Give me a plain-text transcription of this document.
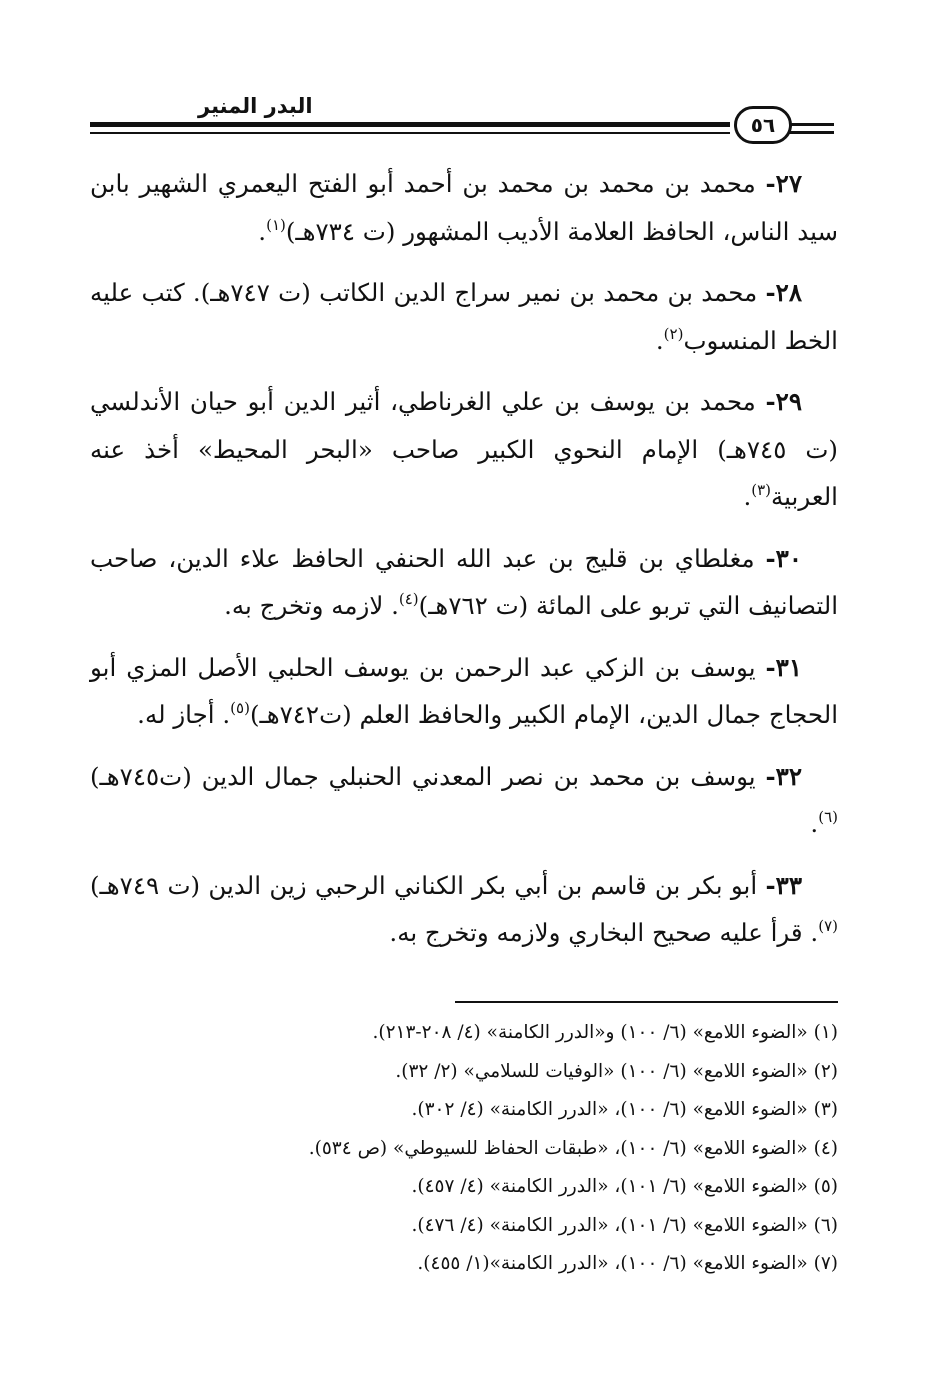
البدر المنير
٥٦

٢٧- محمد بن محمد بن محمد بن أحمد أبو الفتح اليعمري الشهير بابن سيد الناس، الحافظ العلامة الأديب المشهور (ت ٧٣٤هـ)$^{(١)}$.

٢٨- محمد بن محمد بن نمير سراج الدين الكاتب (ت ٧٤٧هـ). كتب عليه الخط المنسوب$^{(٢)}$.

٢٩- محمد بن يوسف بن علي الغرناطي، أثير الدين أبو حيان الأندلسي (ت ٧٤٥هـ) الإمام النحوي الكبير صاحب «البحر المحيط» أخذ عنه العربية$^{(٣)}$.

٣٠- مغلطاي بن قليج بن عبد الله الحنفي الحافظ علاء الدين، صاحب التصانيف التي تربو على المائة (ت ٧٦٢هـ)$^{(٤)}$. لازمه وتخرج به.

٣١- يوسف بن الزكي عبد الرحمن بن يوسف الحلبي الأصل المزي أبو الحجاج جمال الدين، الإمام الكبير والحافظ العلم (ت٧٤٢هـ)$^{(٥)}$. أجاز له.

٣٢- يوسف بن محمد بن نصر المعدني الحنبلي جمال الدين (ت٧٤٥هـ)$^{(٦)}$.

٣٣- أبو بكر بن قاسم بن أبي بكر الكناني الرحبي زين الدين (ت ٧٤٩هـ)$^{(٧)}$. قرأ عليه صحيح البخاري ولازمه وتخرج به.

(١) «الضوء اللامع» (٦/ ١٠٠) و«الدرر الكامنة» (٤/ ٢٠٨-٢١٣).
(٢) «الضوء اللامع» (٦/ ١٠٠) «الوفيات للسلامي» (٢/ ٣٢).
(٣) «الضوء اللامع» (٦/ ١٠٠)، «الدرر الكامنة» (٤/ ٣٠٢).
(٤) «الضوء اللامع» (٦/ ١٠٠)، «طبقات الحفاظ للسيوطي» (ص ٥٣٤).
(٥) «الضوء اللامع» (٦/ ١٠١)، «الدرر الكامنة» (٤/ ٤٥٧).
(٦) «الضوء اللامع» (٦/ ١٠١)، «الدرر الكامنة» (٤/ ٤٧٦).
(٧) «الضوء اللامع» (٦/ ١٠٠)، «الدرر الكامنة»(١/ ٤٥٥).
